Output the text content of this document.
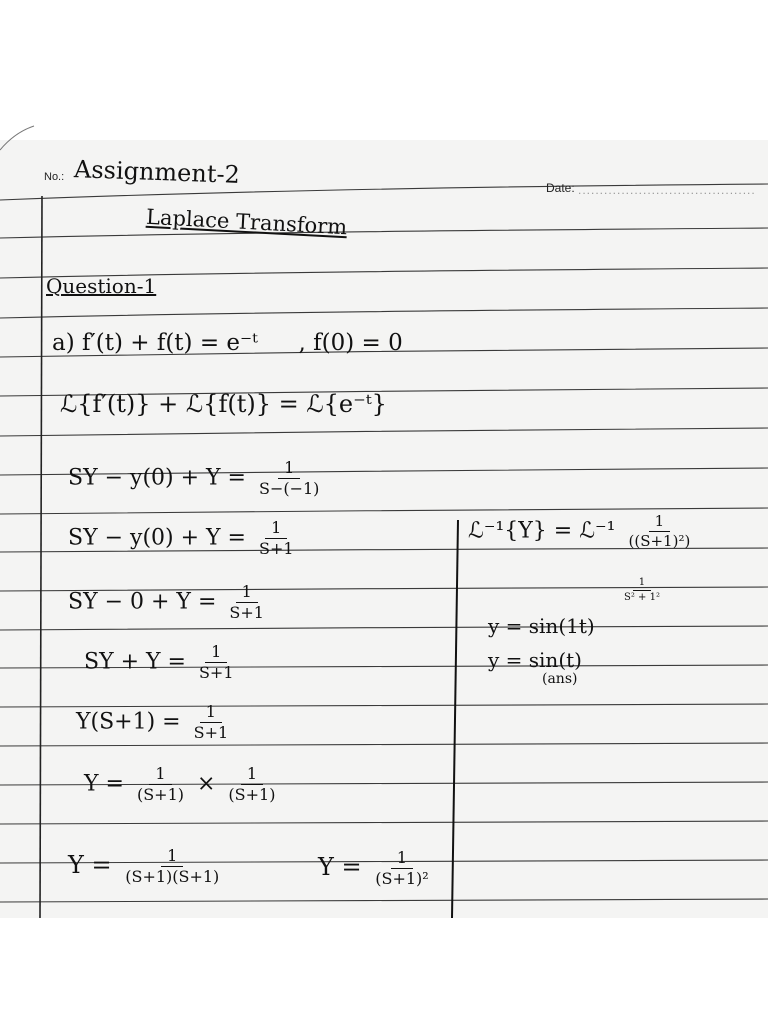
No.: Assignment-2	Date: .........................................
Laplace Transform
Question-1
a) f′(t) + f(t) = e⁻ᵗ , f(0) = 0
ℒ{f′(t)} + ℒ{f(t)} = ℒ{e⁻ᵗ}
SY − $y(0) + Y = \frac{1}{S-(-1)}$
SY − $y(0) + Y = \frac{1}{S+1}$
SY − $0 + Y = \frac{1}{S+1}$
SY + $Y = \frac{1}{S+1}$
$Y(S+1) = \frac{1}{S+1}$
$Y = \frac{1}{(S+1)} \times \frac{1}{(S+1)}$
$Y = \frac{1}{(S+1)(S+1)}$	$Y = \frac{1}{\text{(S+1)²}}$
ℒ⁻¹{Y} = ℒ⁻¹ $\frac{1}{\text{((S+1)²)}}$
$\frac{1}{\text{S² + 1²}}$
y = sin(1t)
y = sin(t)
(ans)
